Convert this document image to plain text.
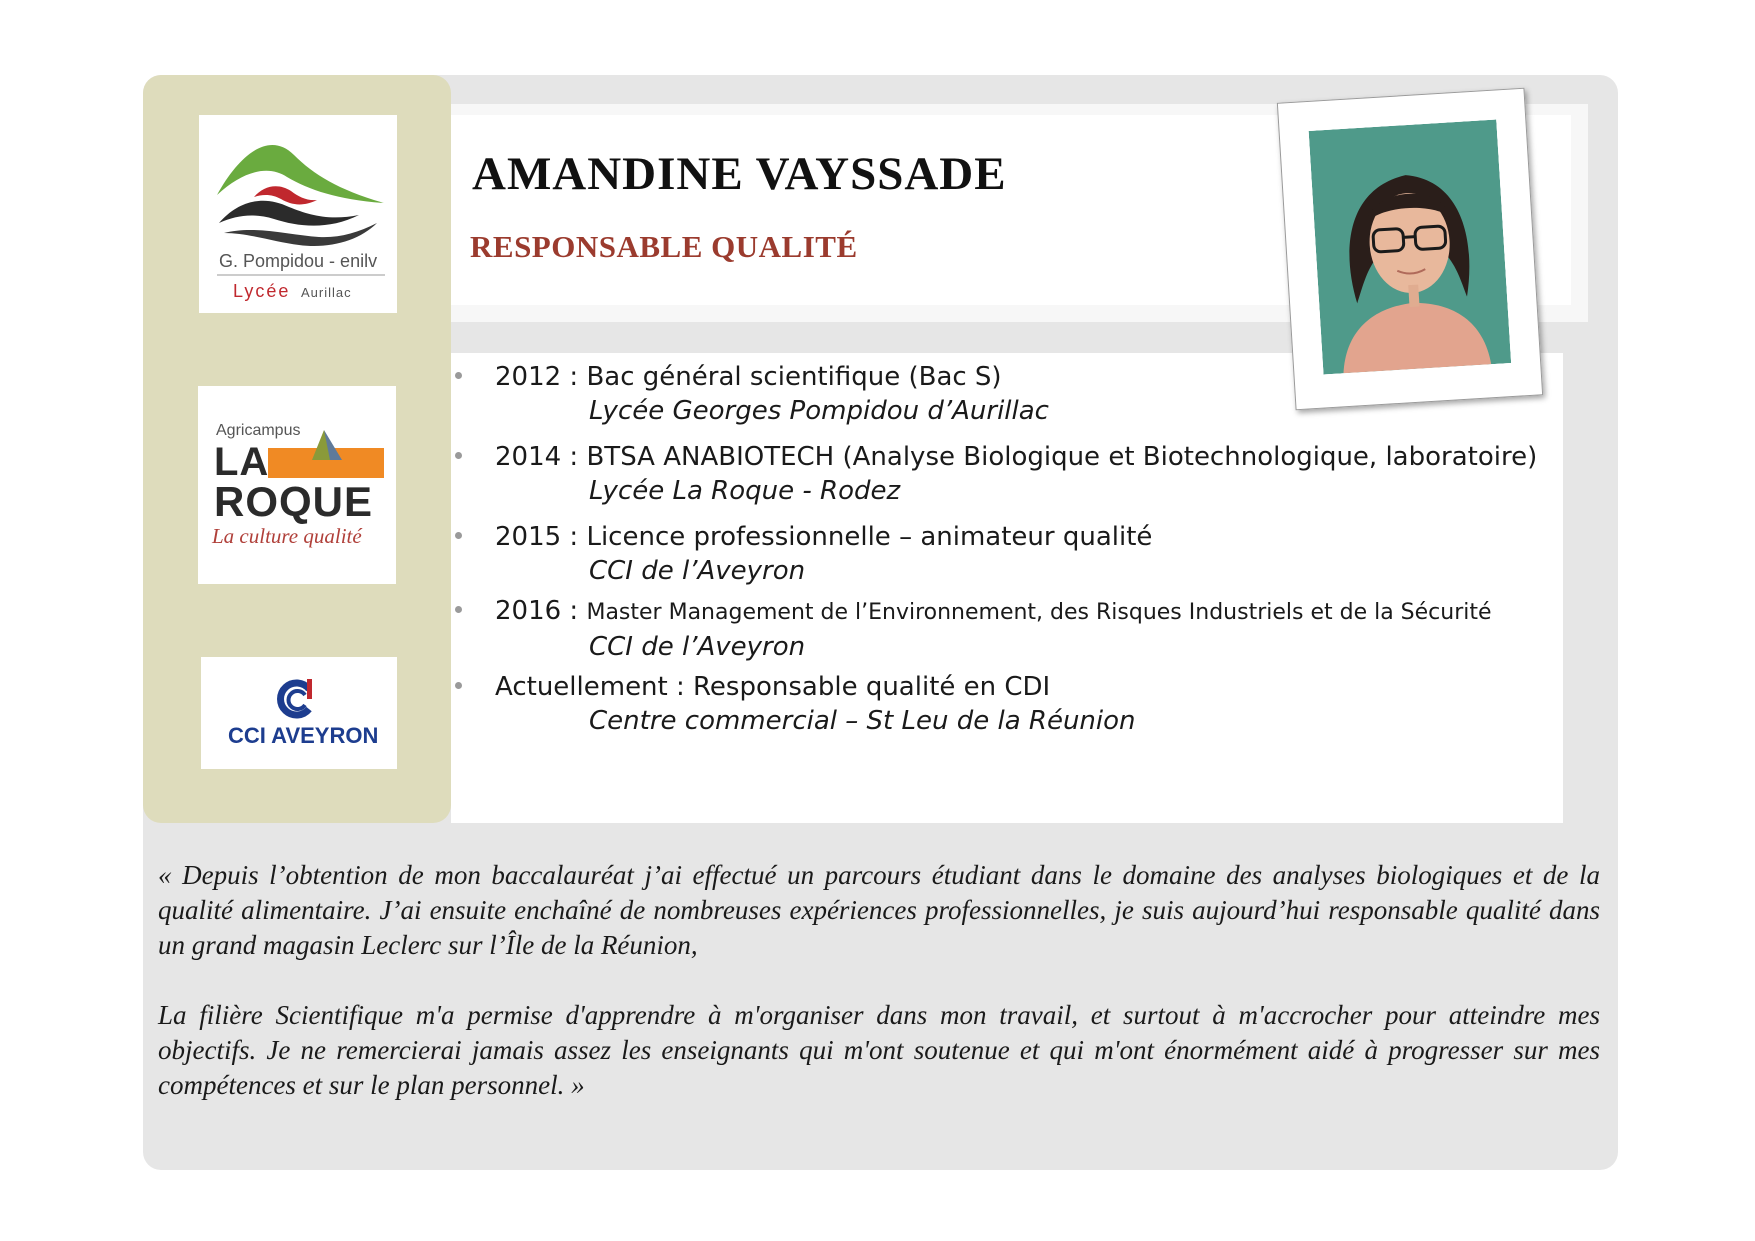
G. Pompidou - enilv
Lycée Aurillac
Agricampus
LA
ROQUE
La culture qualité
CCI AVEYRON
AMANDINE VAYSSADE
RESPONSABLE QUALITÉ
2012 : Bac général scientifique (Bac S)
Lycée Georges Pompidou d’Aurillac
2014 : BTSA ANABIOTECH (Analyse Biologique et Biotechnologique, laboratoire)
Lycée La Roque - Rodez
2015 : Licence professionnelle – animateur qualité
CCI de l’Aveyron
2016 : Master Management de l’Environnement, des Risques Industriels et de la Sécurité
CCI de l’Aveyron
Actuellement : Responsable qualité en CDI
Centre commercial – St Leu de la Réunion

« Depuis l’obtention de mon baccalauréat j’ai effectué un parcours étudiant dans le domaine des analyses biologiques et de la qualité alimentaire. J’ai ensuite enchaîné de nombreuses expériences professionnelles, je suis aujourd’hui responsable qualité dans un grand magasin Leclerc sur l’Île de la Réunion,

La filière Scientifique m'a permise d'apprendre à m'organiser dans mon travail, et surtout à m'accrocher pour atteindre mes objectifs. Je ne remercierai jamais assez les enseignants qui m'ont soutenue et qui m'ont énormément aidé à progresser sur mes compétences et sur le plan personnel. »
